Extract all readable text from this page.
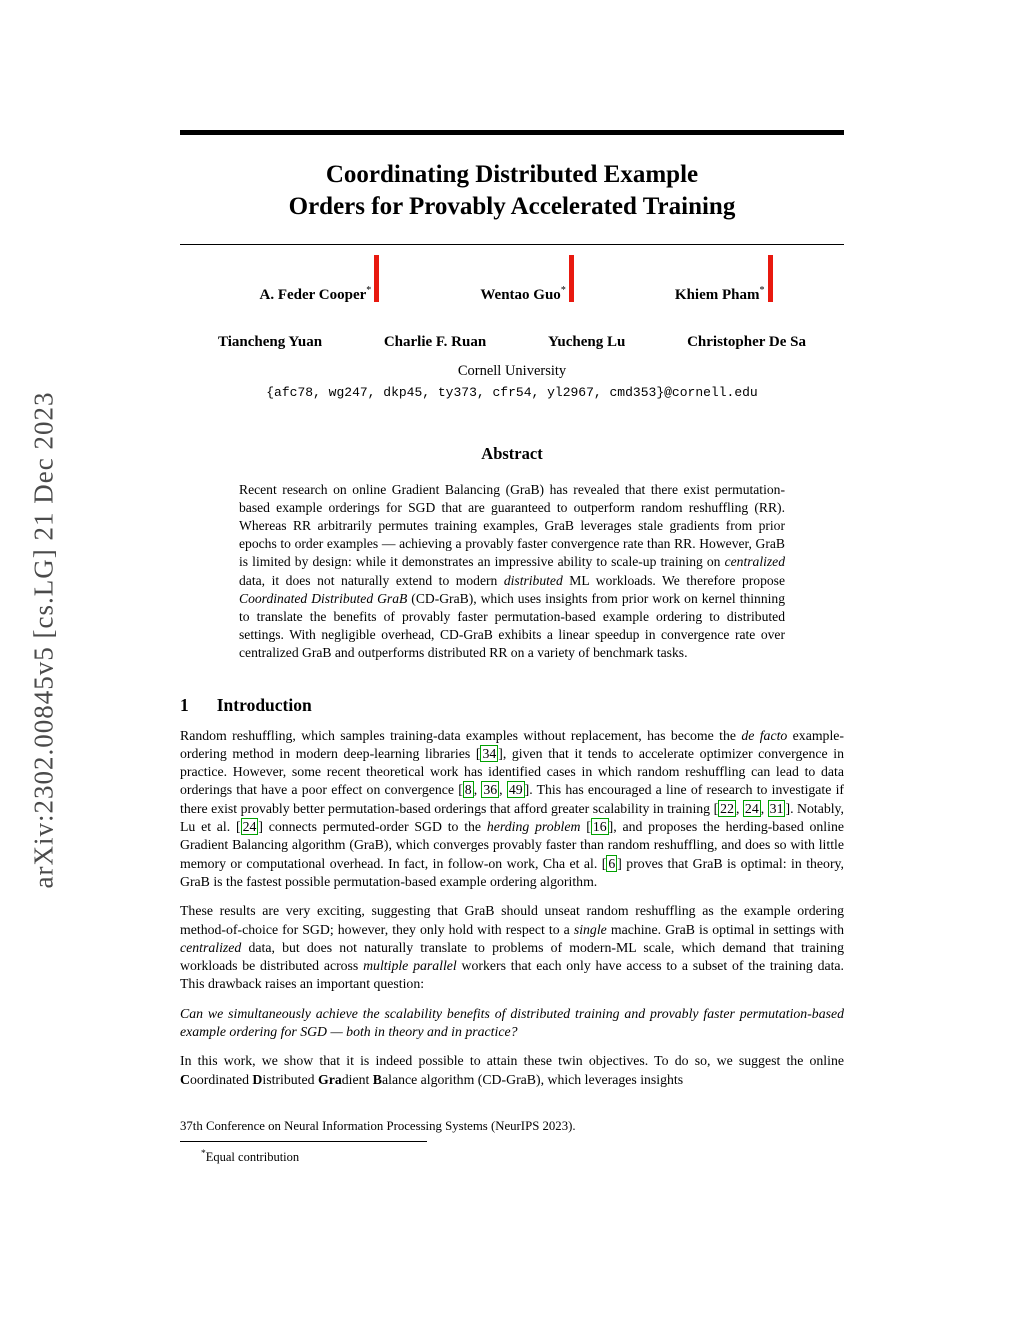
arXiv:2302.00845v5 [cs.LG] 21 Dec 2023
Coordinating Distributed Example
Orders for Provably Accelerated Training
A. Feder Cooper*	Wentao Guo*	Khiem Pham*
Tiancheng Yuan	Charlie F. Ruan	Yucheng Lu	Christopher De Sa
Cornell University
{afc78, wg247, dkp45, ty373, cfr54, yl2967, cmd353}@cornell.edu
Abstract
Recent research on online Gradient Balancing (GraB) has revealed that there exist permutation-based example orderings for SGD that are guaranteed to outperform random reshuffling (RR). Whereas RR arbitrarily permutes training examples, GraB leverages stale gradients from prior epochs to order examples — achieving a provably faster convergence rate than RR. However, GraB is limited by design: while it demonstrates an impressive ability to scale-up training on centralized data, it does not naturally extend to modern distributed ML workloads. We therefore propose Coordinated Distributed GraB (CD-GraB), which uses insights from prior work on kernel thinning to translate the benefits of provably faster permutation-based example ordering to distributed settings. With negligible overhead, CD-GraB exhibits a linear speedup in convergence rate over centralized GraB and outperforms distributed RR on a variety of benchmark tasks.
1 Introduction

Random reshuffling, which samples training-data examples without replacement, has become the de facto example-ordering method in modern deep-learning libraries [ 34 ], given that it tends to accelerate optimizer convergence in practice. However, some recent theoretical work has identified cases in which random reshuffling can lead to data orderings that have a poor effect on convergence [ 8 , 36 , 49 ]. This has encouraged a line of research to investigate if there exist provably better permutation-based orderings that afford greater scalability in training [ 22 , 24 , 31 ]. Notably, Lu et al. [ 24 ] connects permuted-order SGD to the herding problem [ 16 ], and proposes the herding-based online Gradient Balancing algorithm (GraB), which converges provably faster than random reshuffling, and does so with little memory or computational overhead. In fact, in follow-on work, Cha et al. [ 6 ] proves that GraB is optimal: in theory, GraB is the fastest possible permutation-based example ordering algorithm.

These results are very exciting, suggesting that GraB should unseat random reshuffling as the example ordering method-of-choice for SGD; however, they only hold with respect to a single machine. GraB is optimal in settings with centralized data, but does not naturally translate to problems of modern-ML scale, which demand that training workloads be distributed across multiple parallel workers that each only have access to a subset of the training data. This drawback raises an important question:

Can we simultaneously achieve the scalability benefits of distributed training and provably faster permutation-based example ordering for SGD — both in theory and in practice?

In this work, we show that it is indeed possible to attain these twin objectives. To do so, we suggest the online Coordinated Distributed Gradient Balance algorithm (CD-GraB), which leverages insights

37th Conference on Neural Information Processing Systems (NeurIPS 2023).
*Equal contribution
